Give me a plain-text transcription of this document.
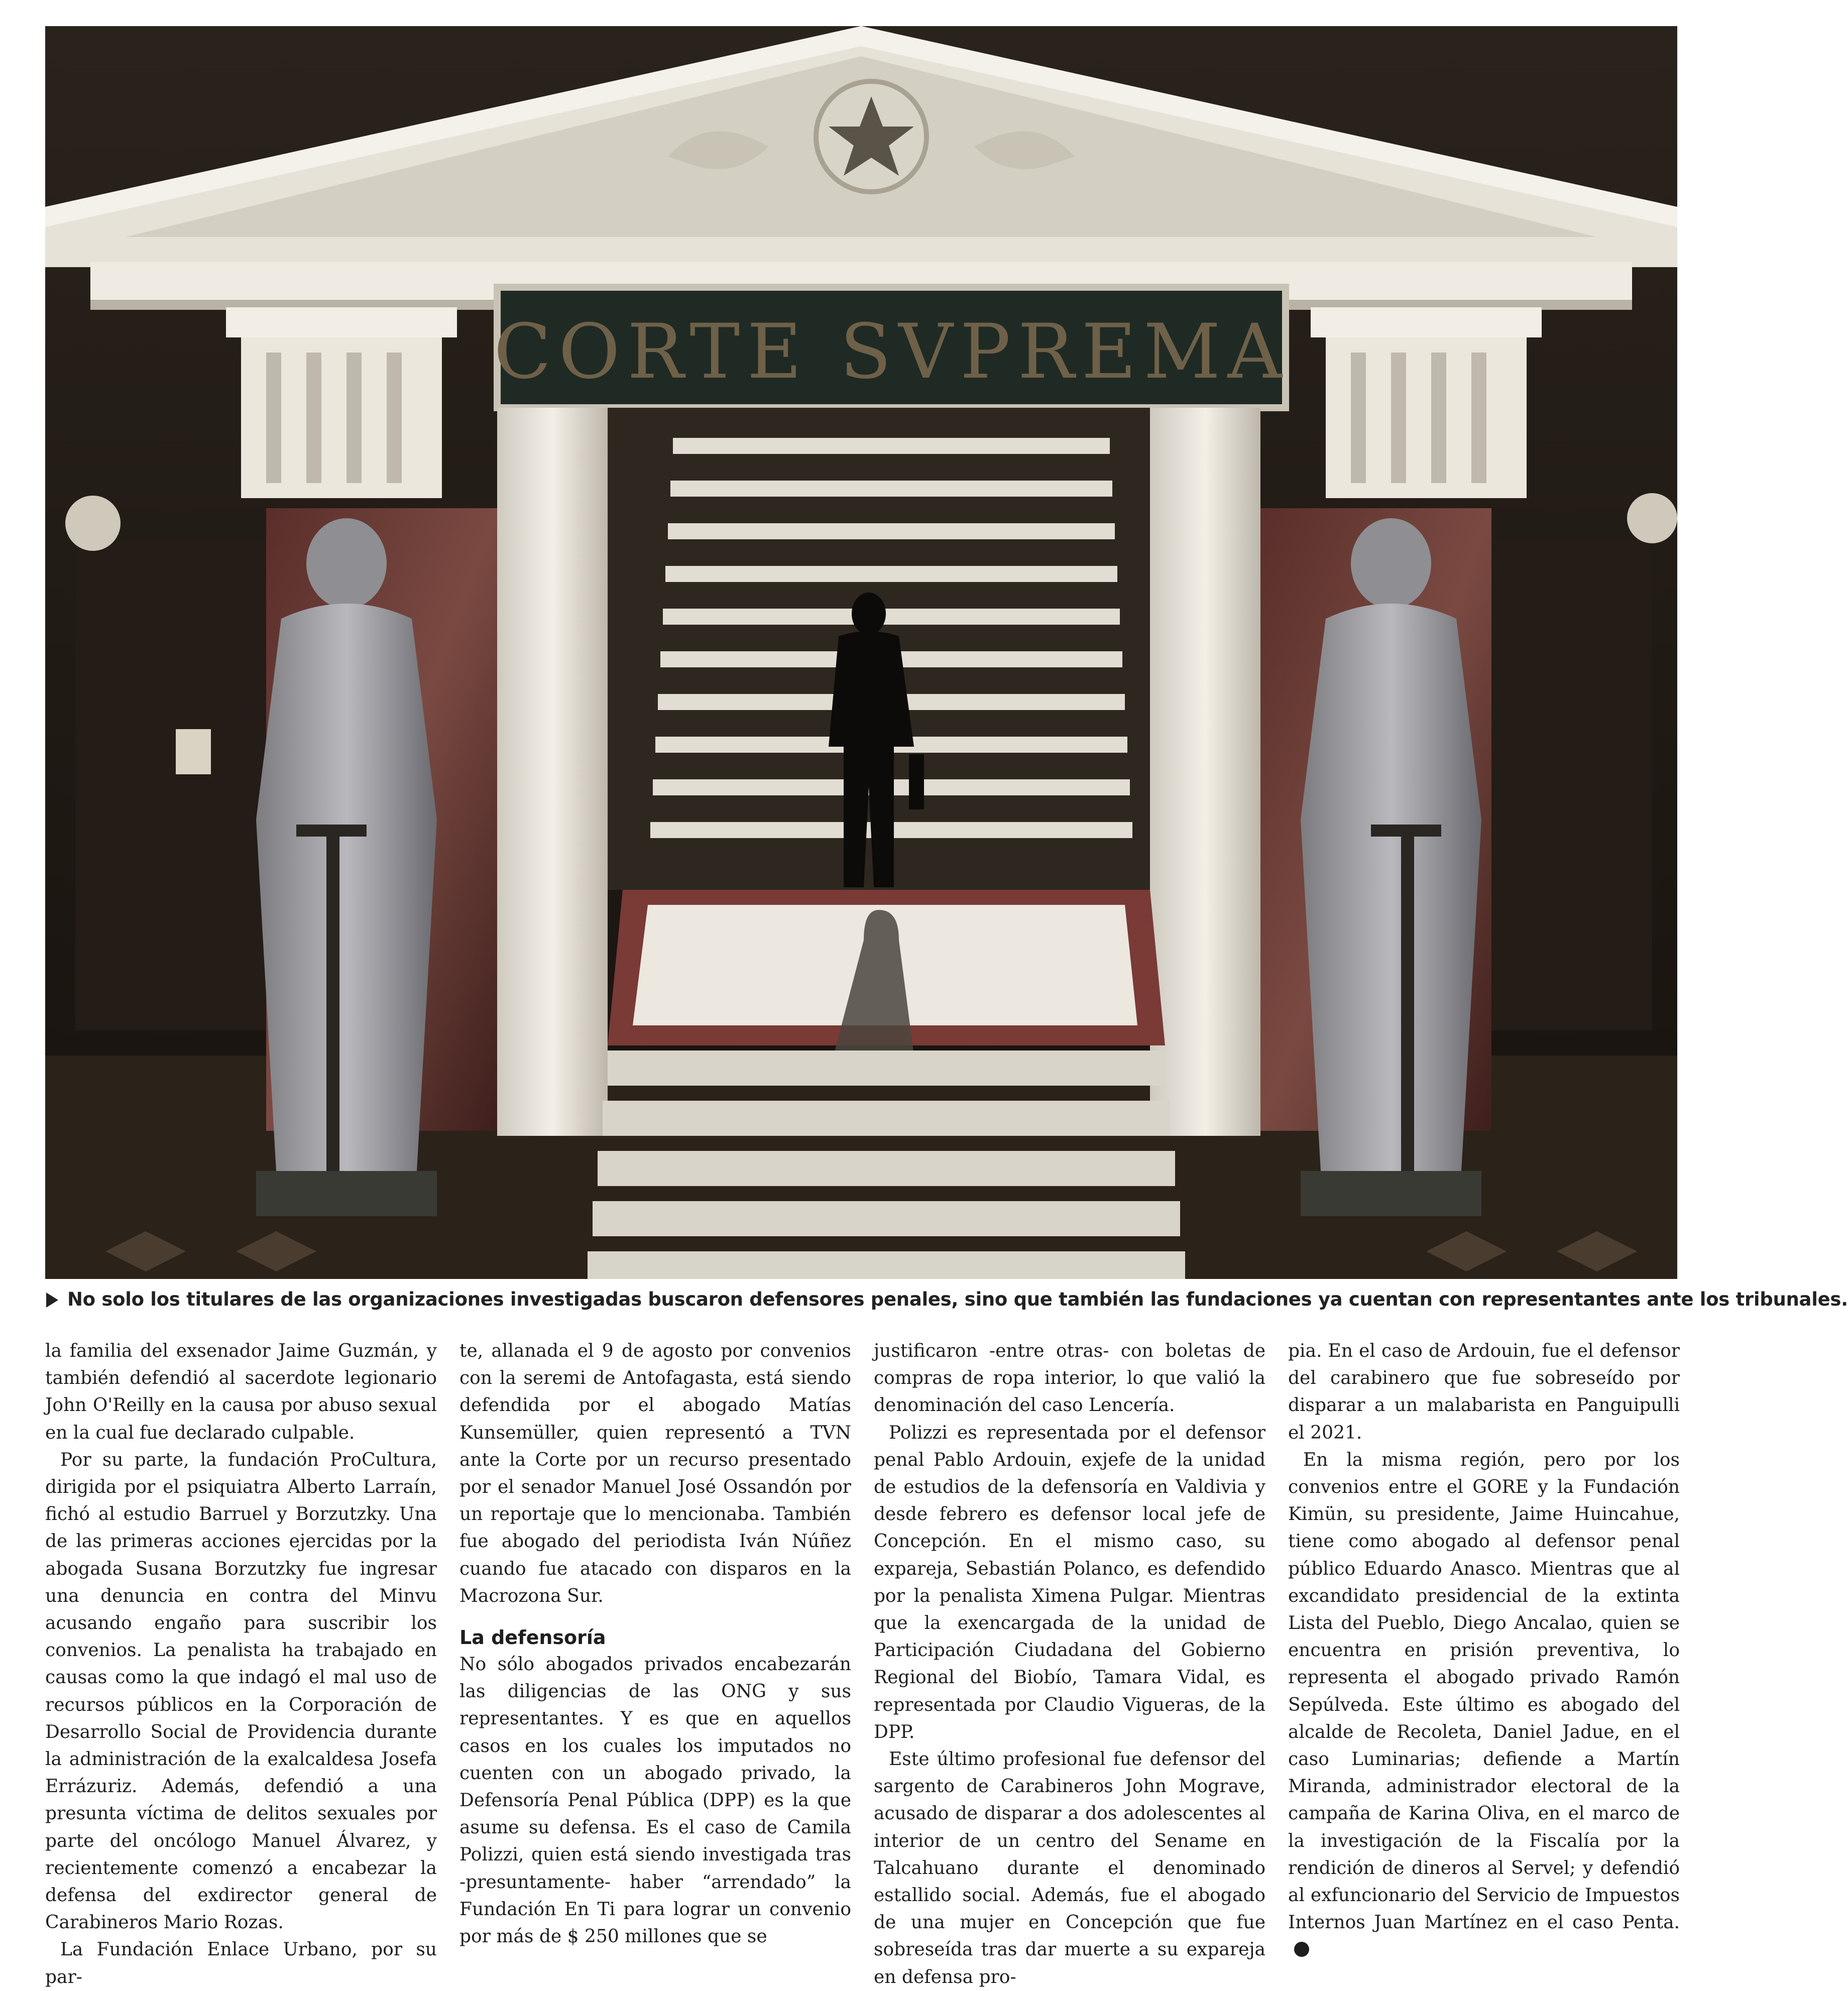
CORTE SVPREMA
No solo los titulares de las organizaciones investigadas buscaron defensores penales, sino que también las fundaciones ya cuentan con representantes ante los tribunales.

la familia del exsenador Jaime Guzmán, y también defendió al sacerdote legionario John O'Reilly en la causa por abuso sexual en la cual fue declarado culpable.

Por su parte, la fundación ProCultura, dirigida por el psiquiatra Alberto Larraín, fichó al estudio Barruel y Borzutzky. Una de las primeras acciones ejercidas por la abogada Susana Borzutzky fue ingresar una denuncia en contra del Minvu acusando engaño para suscribir los convenios. La penalista ha trabajado en causas como la que indagó el mal uso de recursos públicos en la Corporación de Desarrollo Social de Providencia durante la administración de la exalcaldesa Josefa Errázuriz. Además, defendió a una presunta víctima de delitos sexuales por parte del oncólogo Manuel Álvarez, y recientemente comenzó a encabezar la defensa del exdirector general de Carabineros Mario Rozas.

La Fundación Enlace Urbano, por su par-

te, allanada el 9 de agosto por convenios con la seremi de Antofagasta, está siendo defendida por el abogado Matías Kunsemüller, quien representó a TVN ante la Corte por un recurso presentado por el senador Manuel José Ossandón por un reportaje que lo mencionaba. También fue abogado del periodista Iván Núñez cuando fue atacado con disparos en la Macrozona Sur.

La defensoría

No sólo abogados privados encabezarán las diligencias de las ONG y sus representantes. Y es que en aquellos casos en los cuales los imputados no cuenten con un abogado privado, la Defensoría Penal Pública (DPP) es la que asume su defensa. Es el caso de Camila Polizzi, quien está siendo investigada tras -presuntamente- haber “arrendado” la Fundación En Ti para lograr un convenio por más de $ 250 millones que se

justificaron -entre otras- con boletas de compras de ropa interior, lo que valió la denominación del caso Lencería.

Polizzi es representada por el defensor penal Pablo Ardouin, exjefe de la unidad de estudios de la defensoría en Valdivia y desde febrero es defensor local jefe de Concepción. En el mismo caso, su expareja, Sebastián Polanco, es defendido por la penalista Ximena Pulgar. Mientras que la exencargada de la unidad de Participación Ciudadana del Gobierno Regional del Biobío, Tamara Vidal, es representada por Claudio Vigueras, de la DPP.

Este último profesional fue defensor del sargento de Carabineros John Mograve, acusado de disparar a dos adolescentes al interior de un centro del Sename en Talcahuano durante el denominado estallido social. Además, fue el abogado de una mujer en Concepción que fue sobreseída tras dar muerte a su expareja en defensa pro-

pia. En el caso de Ardouin, fue el defensor del carabinero que fue sobreseído por disparar a un malabarista en Panguipulli el 2021.

En la misma región, pero por los convenios entre el GORE y la Fundación Kimün, su presidente, Jaime Huincahue, tiene como abogado al defensor penal público Eduardo Anasco. Mientras que al excandidato presidencial de la extinta Lista del Pueblo, Diego Ancalao, quien se encuentra en prisión preventiva, lo representa el abogado privado Ramón Sepúlveda. Este último es abogado del alcalde de Recoleta, Daniel Jadue, en el caso Luminarias; defiende a Martín Miranda, administrador electoral de la campaña de Karina Oliva, en el marco de la investigación de la Fiscalía por la rendición de dineros al Servel; y defendió al exfuncionario del Servicio de Impuestos Internos Juan Martínez en el caso Penta.
